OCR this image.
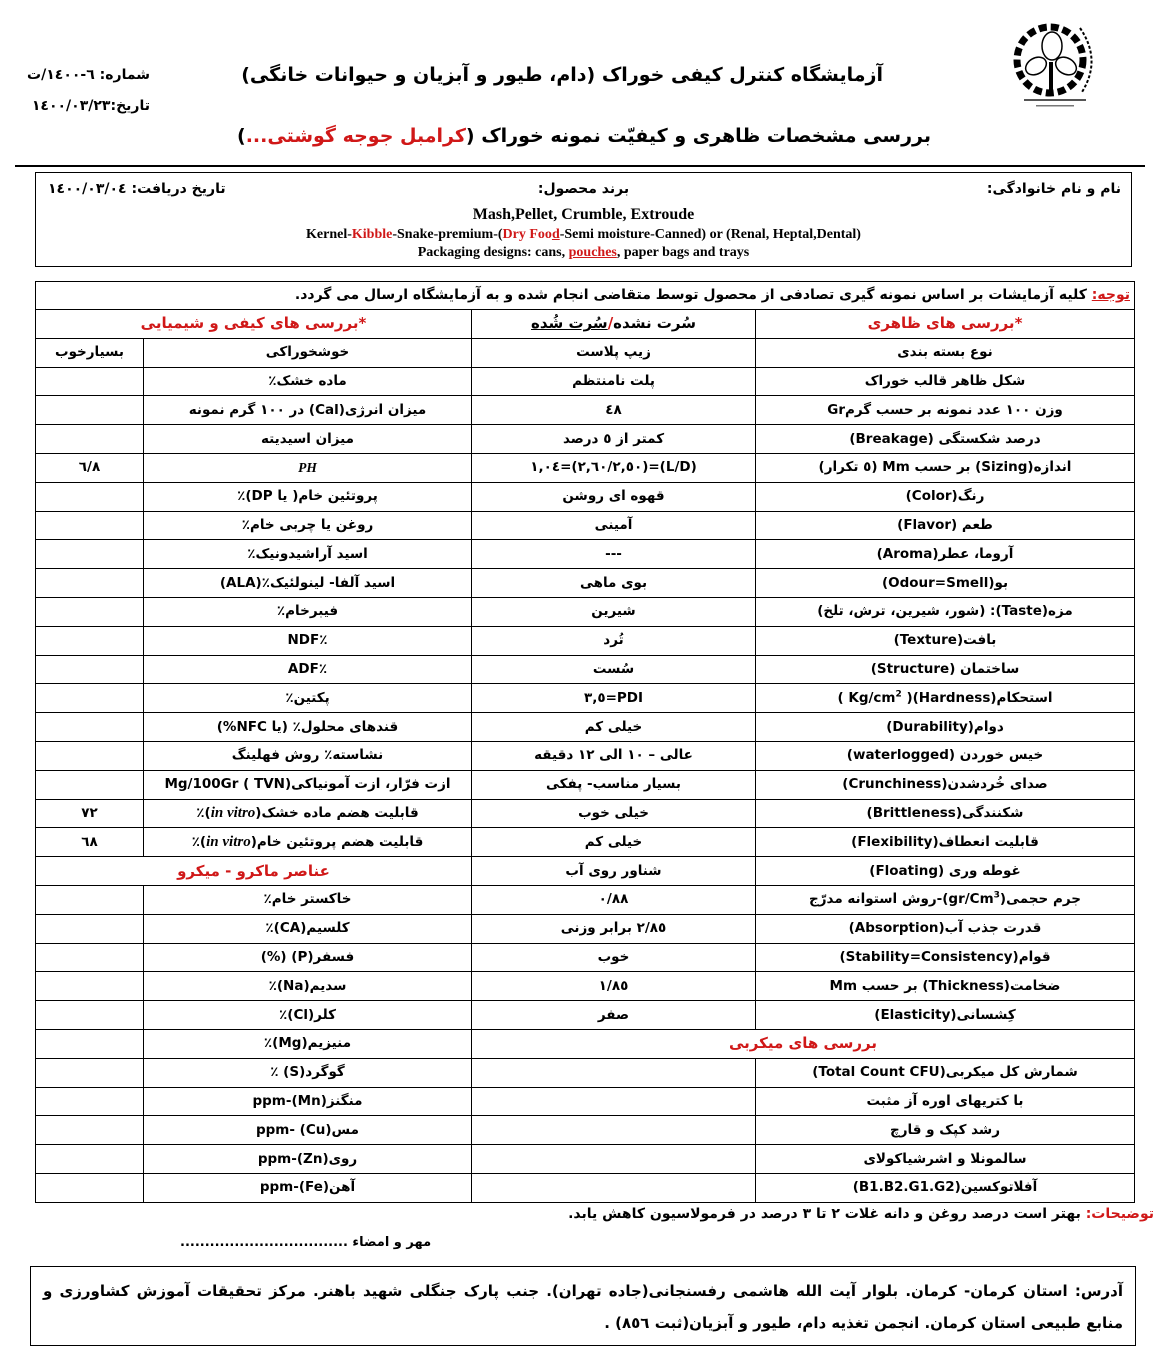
آزمایشگاه کنترل کیفی خوراک (دام، طیور و آبزیان و حیوانات خانگی)
شماره: ٦-١٤٠٠/ت
تاریخ:١٤٠٠/٠٣/٢٣
بررسی مشخصات ظاهری و کیفیّت نمونه خوراک (کرامبل جوجه گوشتی...)
نام و نام خانوادگی:
برند محصول:
تاریخ دریافت: ١٤٠٠/٠٣/٠٤
Mash,Pellet, Crumble, Extroude
Kernel-Kibble-Snake-premium-(Dry Food-Semi moisture-Canned) or (Renal, Heptal,Dental)
Packaging designs: cans, pouches, paper bags and trays
توجه: کلیه آزمایشات بر اساس نمونه گیری تصادفی از محصول توسط متقاضی انجام شده و به آزمایشگاه ارسال می گردد.			
*بررسی های ظاهری	سُرت نشده/سُرت شُده	*بررسی های کیفی و شیمیایی	
نوع بسته بندی	زیپ پلاست	خوشخوراکی	بسیارخوب
شکل ظاهر قالب خوراک	پلت نامنتظم	ماده خشک٪	
وزن ١٠٠ عدد نمونه بر حسب گرمGr	٤٨	میزان انرژی(Cal) در ١٠٠ گرم نمونه	
درصد شکستگی (Breakage)	کمتر از ٥ درصد	میزان اسیدیته	
اندازه(Sizing) بر حسب Mm (٥ تکرار)	(L/D)=(٢,٦٠/٢,٥٠)=١,٠٤	PH	٦/٨
رنگ(Color)	قهوه ای روشن	پروتئین خام( یا DP)٪	
طعم (Flavor)	آمینی	روغن یا چربی خام٪	
آروما، عطر(Aroma)	---	اسید آراشیدونیک٪	
بو(Odour=Smell)	بوی ماهی	اسید آلفا- لینولئیک٪(ALA)	
مزه(Taste): (شور، شیرین، ترش، تلخ)	شیرین	فیبرخام٪	
بافت(Texture)	تُرد	٪NDF	
ساختمان (Structure)	سُست	٪ADF	
استحکام(Hardness)( $Kg/cm^2$ )	PDI=٣,٥	پکتین٪	
دوام(Durability)	خیلی کم	قندهای محلول٪ (یا NFC%)	
خیس خوردن (waterlogged)	عالی – ١٠ الی ١٢ دقیقه	نشاسته٪ روش فهلینگ	
صدای خُردشدن(Crunchiness)	بسیار مناسب- پفکی	ازت فرّار، ازت آمونیاکی(TVN ) Mg/100Gr	
شکنندگی(Brittleness)	خیلی خوب	قابلیت هضم ماده خشک(in vitro)٪	٧٢
قابلیت انعطاف(Flexibility)	خیلی کم	قابلیت هضم پروتئین خام(in vitro)٪	٦٨
غوطه وری (Floating)	شناور روی آب	عناصر ماکرو - میکرو	
جرم حجمی(gr/Cm$^3$)-روش استوانه مدرّج	٠/٨٨	خاکستر خام٪	
قدرت جذب آب(Absorption)	٢/٨٥ برابر وزنی	کلسیم(CA)٪	
قوام(Stability=Consistency)	خوب	فسفر(P) (%)	
ضخامت(Thickness) بر حسب Mm	١/٨٥	سدیم(Na)٪	
کِشسانی(Elasticity)	صفر	کلر(Cl)٪	
بررسی های میکربی		منیزیم(Mg)٪	
شمارش کل میکربی(Total Count CFU)		گوگرد(S) ٪	
با کتریهای اوره آز مثبت		منگنز(Mn)-ppm	
رشد کپک و قارچ		مس(Cu) -ppm	
سالمونلا و اشرشیاکولای		روی(Zn)-ppm	
آفلاتوکسین(B1.B2.G1.G2)		آهن(Fe)-ppm	
توضیحات: بهتر است درصد روغن و دانه غلات ٢ تا ٣ درصد در فرمولاسیون کاهش یابد.
مهر و امضاء ..................................
آدرس: استان کرمان- کرمان. بلوار آیت الله هاشمی رفسنجانی(جاده تهران). جنب پارک جنگلی شهید باهنر. مرکز تحقیقات آموزش کشاورزی و منابع طبیعی استان کرمان. انجمن تغذیه دام، طیور و آبزیان(ثبت ٨٥٦) .
